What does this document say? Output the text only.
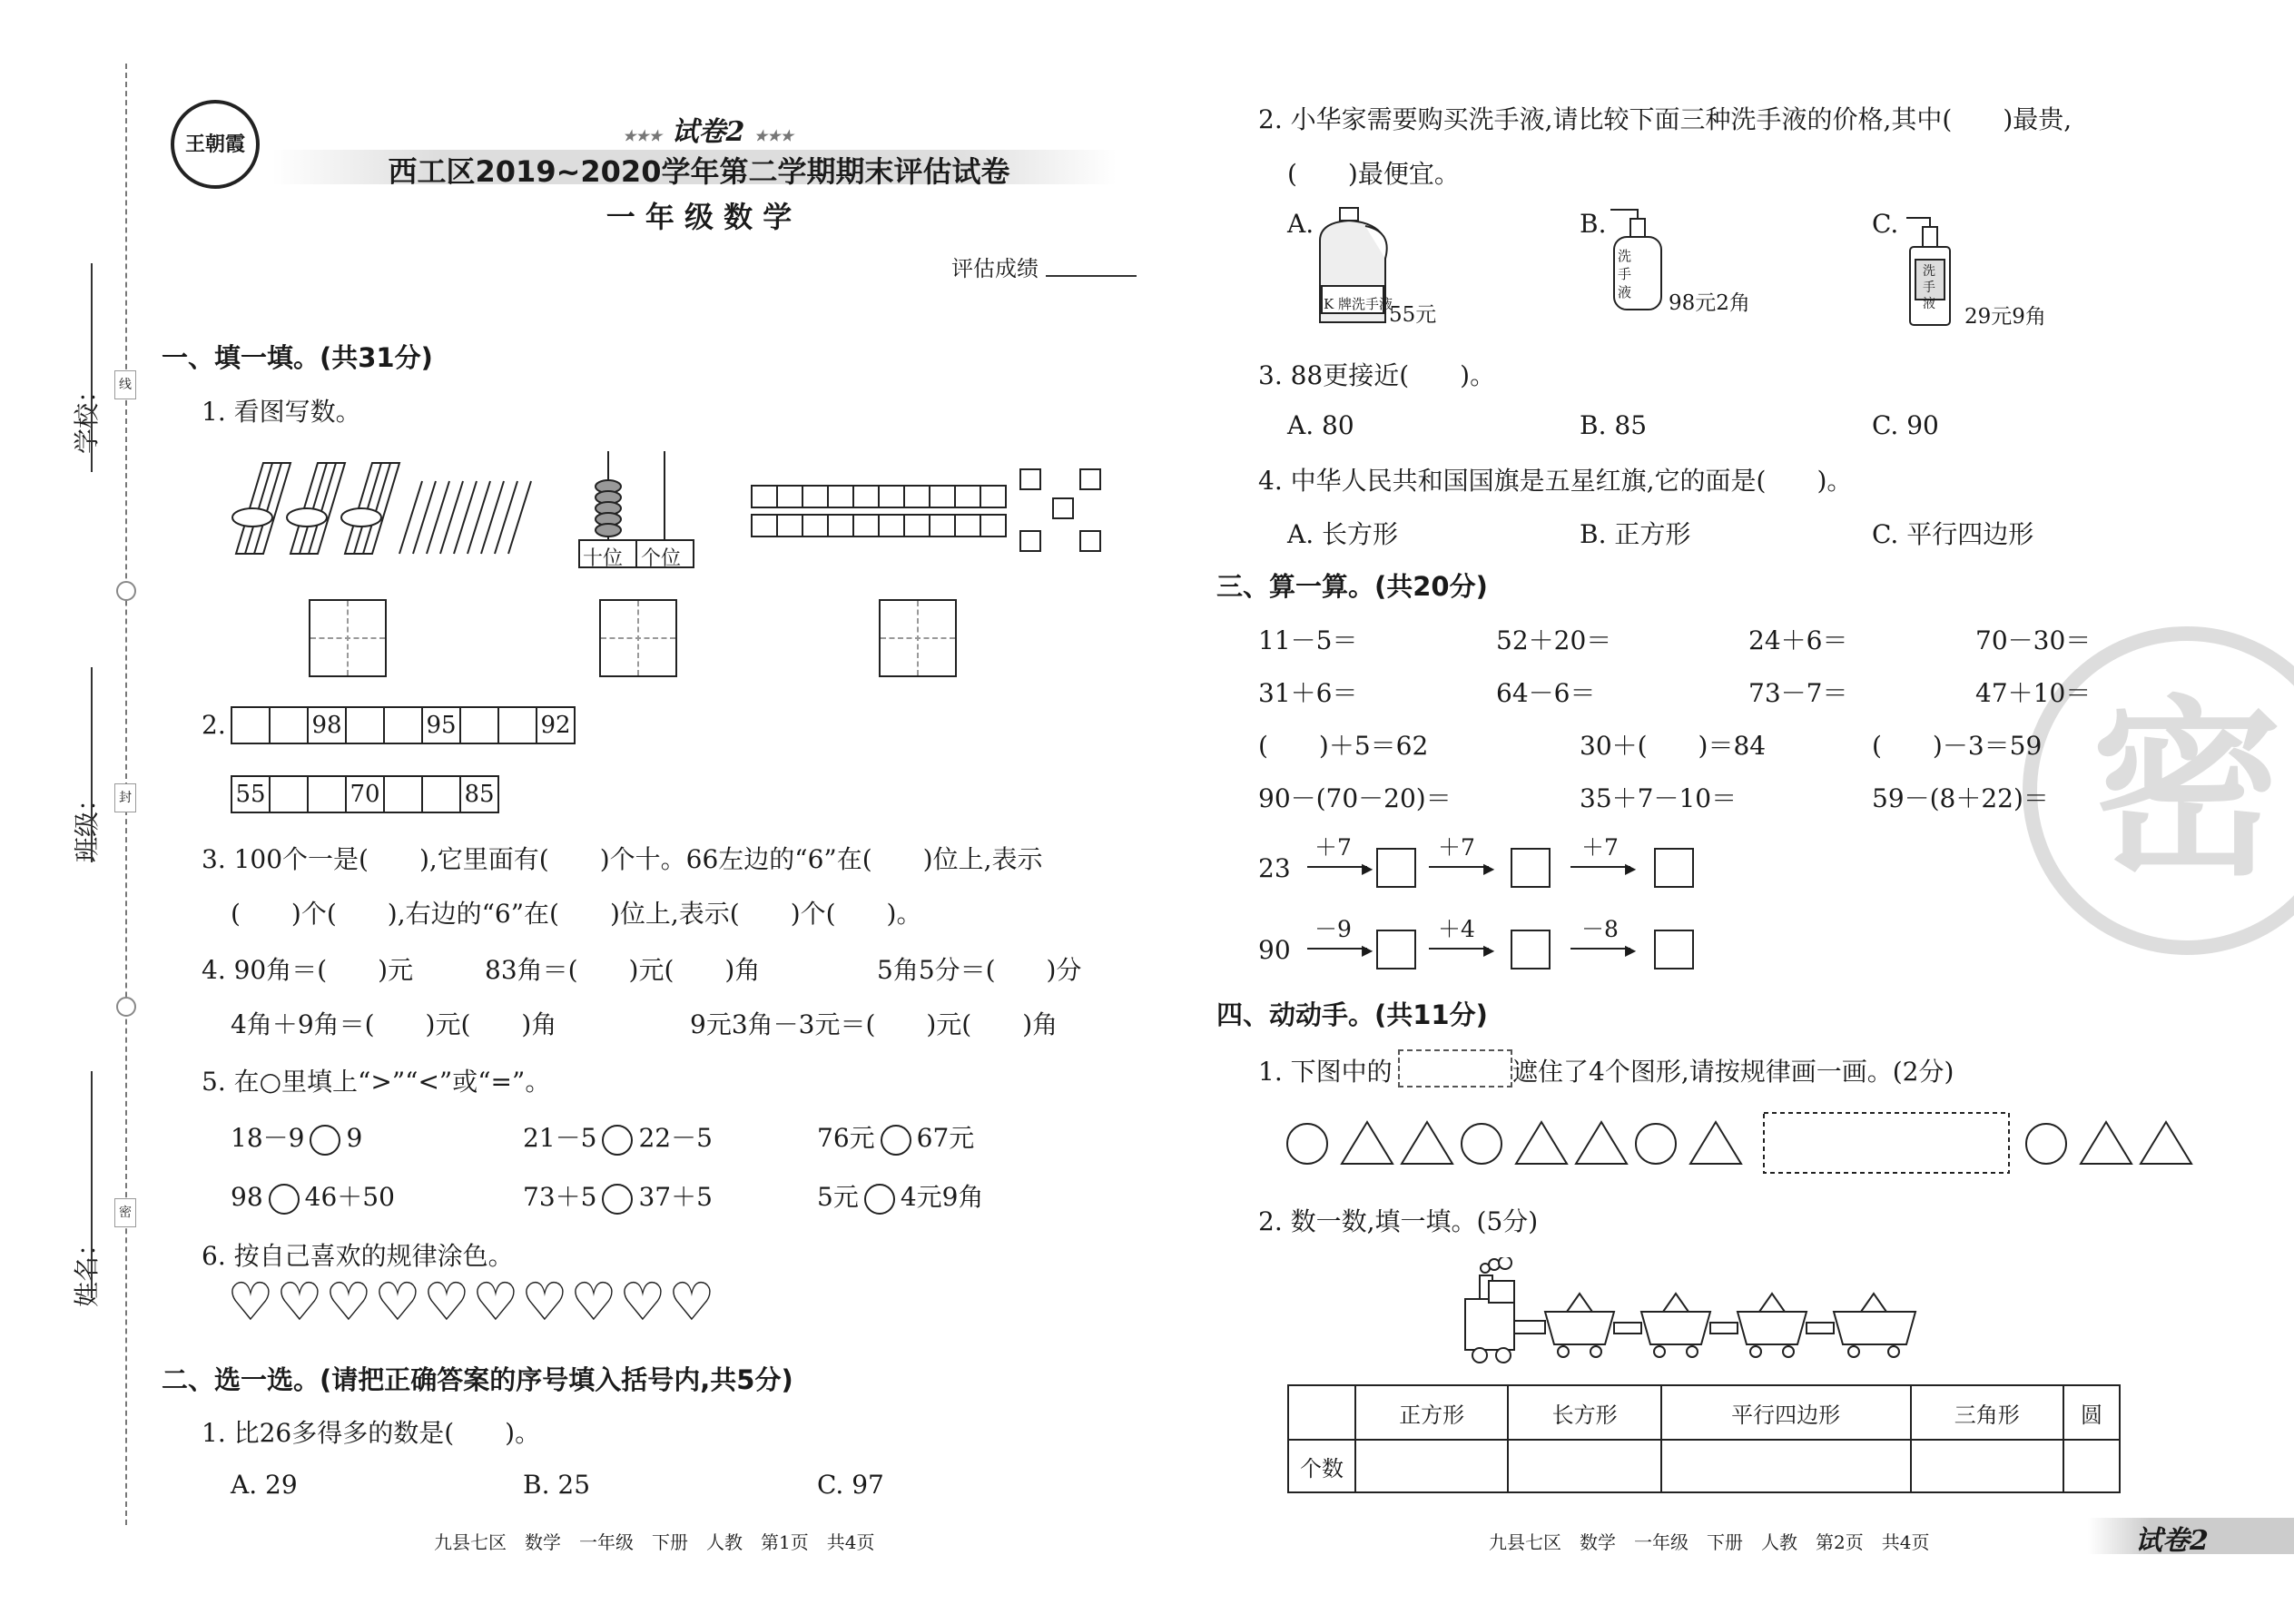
学校：
班级：
姓名：
线
封
密
王朝霞	★★★ 试卷2 ★★★
西工区2019~2020学年第二学期期末评估试卷
一 年 级 数 学
评估成绩
一、填一填。(共31分)
1. 看图写数。
十位 个位
2.	98	95	92
55	70	85
3. 100个一是(　　),它里面有(　　)个十。66左边的“6”在(　　)位上,表示
(　　)个(　　),右边的“6”在(　　)位上,表示(　　)个(　　)。
4. 90角＝(　　)元	83角＝(　　)元(　　)角	5角5分＝(　　)分
4角＋9角＝(　　)元(　　)角	9元3角－3元＝(　　)元(　　)角
5. 在○里填上“>”“<”或“=”。
18－9 9	21－5 22－5	76元 67元
98 46＋50	73＋5 37＋5	5元 4元9角
6. 按自己喜欢的规律涂色。
♡♡♡♡♡♡♡♡♡♡
二、选一选。(请把正确答案的序号填入括号内,共5分)
1. 比26多得多的数是(　　)。
A. 29	B. 25	C. 97
2. 小华家需要购买洗手液,请比较下面三种洗手液的价格,其中(　　)最贵,
(　　)最便宜。
A.
K 牌洗手液
55元
B.
洗手液	98元2角
C.
洗手液
29元9角
3. 88更接近(　　)。
A. 80	B. 85	C. 90
4. 中华人民共和国国旗是五星红旗,它的面是(　　)。
A. 长方形	B. 正方形	C. 平行四边形
密
三、算一算。(共20分)
11－5＝	52＋20＝	24＋6＝	70－30＝
31＋6＝	64－6＝	73－7＝	47＋10＝
(　　)＋5＝62	30＋(　　)＝84	(　　)－3＝59
90－(70－20)＝	35＋7－10＝	59－(8＋22)＝
23	▶
＋7
▶
＋7
▶
＋7
90	▶
－9
▶
＋4
▶
－8
四、动动手。(共11分)
1. 下图中的	遮住了4个图形,请按规律画一画。(2分)
2. 数一数,填一填。(5分)
	正方形	长方形	平行四边形	三角形	圆
个数					
九县七区　数学　一年级　下册　人教　第1页　共4页	九县七区　数学　一年级　下册　人教　第2页　共4页	试卷2
